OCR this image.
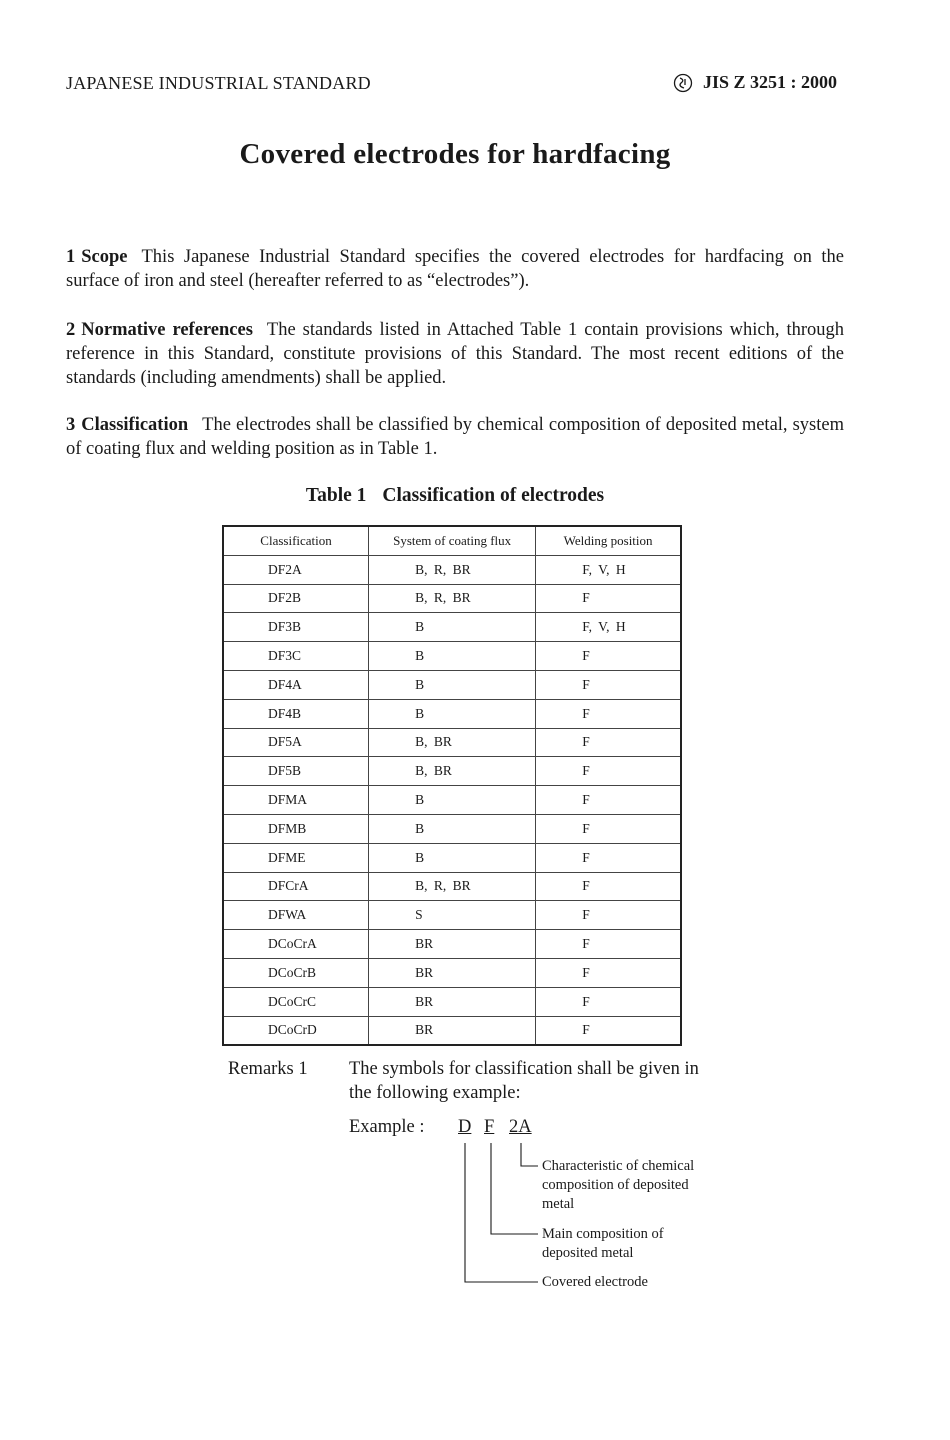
JAPANESE INDUSTRIAL STANDARD	JIS Z 3251 : 2000
Covered electrodes for hardfacing
1 Scope This Japanese Industrial Standard specifies the covered electrodes for hardfacing on the surface of iron and steel (hereafter referred to as “electrodes”).
2 Normative references The standards listed in Attached Table 1 contain provisions which, through reference in this Standard, constitute provisions of this Standard. The most recent editions of the standards (including amendments) shall be applied.
3 Classification The electrodes shall be classified by chemical composition of deposited metal, system of coating flux and welding position as in Table 1.
Table 1 Classification of electrodes
Classification	System of coating flux	Welding position
DF2A	B, R, BR	F, V, H
DF2B	B, R, BR	F
DF3B	B	F, V, H
DF3C	B	F
DF4A	B	F
DF4B	B	F
DF5A	B, BR	F
DF5B	B, BR	F
DFMA	B	F
DFMB	B	F
DFME	B	F
DFCrA	B, R, BR	F
DFWA	S	F
DCoCrA	BR	F
DCoCrB	BR	F
DCoCrC	BR	F
DCoCrD	BR	F
Remarks 1 The symbols for classification shall be given in the following example:
Example : D F 2A
Characteristic of chemical composition of deposited metal
Main composition of deposited metal
Covered electrode
